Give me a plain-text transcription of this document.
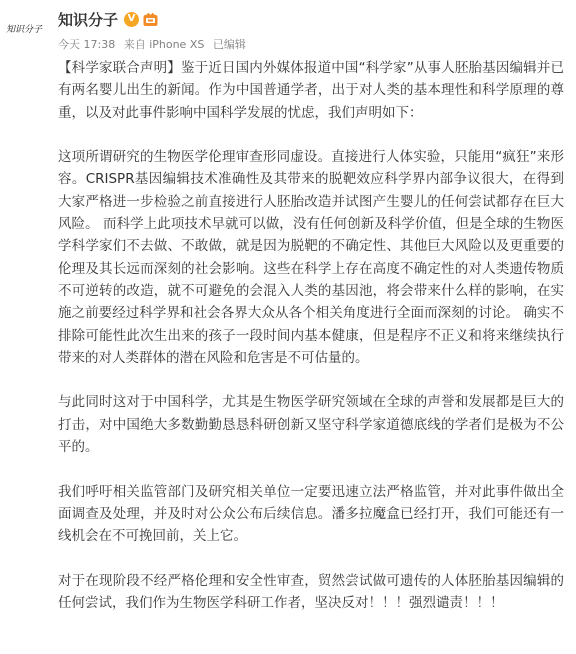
知识分子
知识分子 V
今天 17:38 来自 iPhone XS 已编辑

【科学家联合声明】鉴于近日国内外媒体报道中国“科学家”从事人胚胎基因编辑并已有两名婴儿出生的新闻。作为中国普通学者，出于对人类的基本理性和科学原理的尊重，以及对此事件影响中国科学发展的忧虑，我们声明如下：

这项所谓研究的生物医学伦理审查形同虚设。直接进行人体实验，只能用“疯狂”来形容。CRISPR基因编辑技术准确性及其带来的脱靶效应科学界内部争议很大，在得到大家严格进一步检验之前直接进行人胚胎改造并试图产生婴儿的任何尝试都存在巨大风险。 而科学上此项技术早就可以做，没有任何创新及科学价值，但是全球的生物医学科学家们不去做、不敢做，就是因为脱靶的不确定性、其他巨大风险以及更重要的伦理及其长远而深刻的社会影响。这些在科学上存在高度不确定性的对人类遗传物质不可逆转的改造，就不可避免的会混入人类的基因池，将会带来什么样的影响，在实施之前要经过科学界和社会各界大众从各个相关角度进行全面而深刻的讨论。 确实不排除可能性此次生出来的孩子一段时间内基本健康，但是程序不正义和将来继续执行带来的对人类群体的潜在风险和危害是不可估量的。

与此同时这对于中国科学，尤其是生物医学研究领域在全球的声誉和发展都是巨大的打击，对中国绝大多数勤勤恳恳科研创新又坚守科学家道德底线的学者们是极为不公平的。

我们呼吁相关监管部门及研究相关单位一定要迅速立法严格监管，并对此事件做出全面调查及处理，并及时对公众公布后续信息。潘多拉魔盒已经打开，我们可能还有一线机会在不可挽回前，关上它。

对于在现阶段不经严格伦理和安全性审查，贸然尝试做可遗传的人体胚胎基因编辑的任何尝试，我们作为生物医学科研工作者，坚决反对！！！强烈谴责！！！
